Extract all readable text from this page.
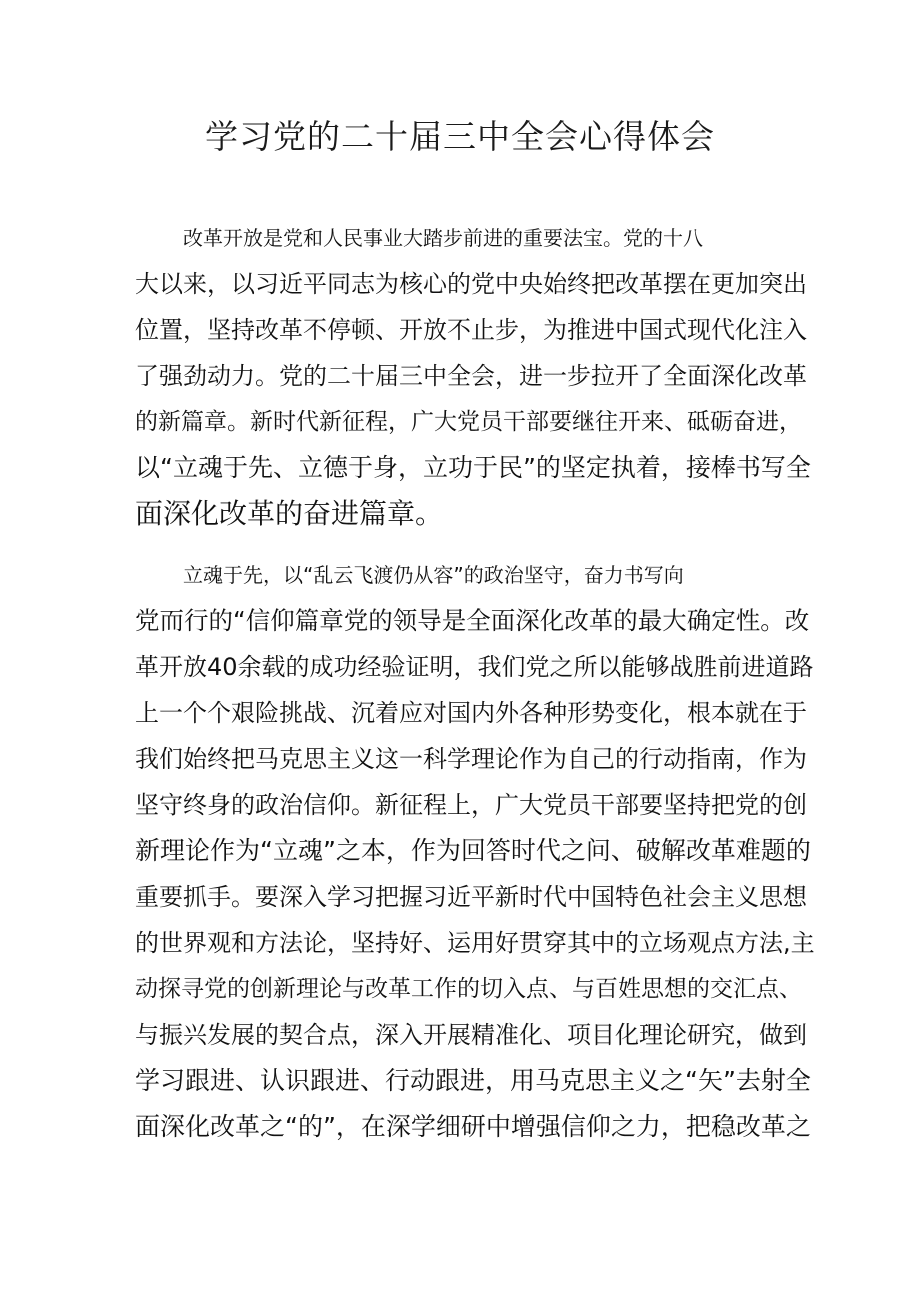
学习党的二十届三中全会心得体会

改革开放是党和人民事业大踏步前进的重要法宝。党的十八

大以来，以习近平同志为核心的党中央始终把改革摆在更加突出

位置，坚持改革不停顿、开放不止步，为推进中国式现代化注入

了强劲动力。党的二十届三中全会，进一步拉开了全面深化改革

的新篇章。新时代新征程，广大党员干部要继往开来、砥砺奋进，

以“立魂于先、立德于身，立功于民”的坚定执着，接棒书写全

面深化改革的奋进篇章。

立魂于先，以“乱云飞渡仍从容”的政治坚守，奋力书写向

党而行的“信仰篇章党的领导是全面深化改革的最大确定性。改

革开放40余载的成功经验证明，我们党之所以能够战胜前进道路

上一个个艰险挑战、沉着应对国内外各种形势变化，根本就在于

我们始终把马克思主义这一科学理论作为自己的行动指南，作为

坚守终身的政治信仰。新征程上，广大党员干部要坚持把党的创

新理论作为“立魂”之本，作为回答时代之问、破解改革难题的

重要抓手。要深入学习把握习近平新时代中国特色社会主义思想

的世界观和方法论，坚持好、运用好贯穿其中的立场观点方法,主

动探寻党的创新理论与改革工作的切入点、与百姓思想的交汇点、

与振兴发展的契合点，深入开展精准化、项目化理论研究，做到

学习跟进、认识跟进、行动跟进，用马克思主义之“矢”去射全

面深化改革之“的”，在深学细研中增强信仰之力，把稳改革之
